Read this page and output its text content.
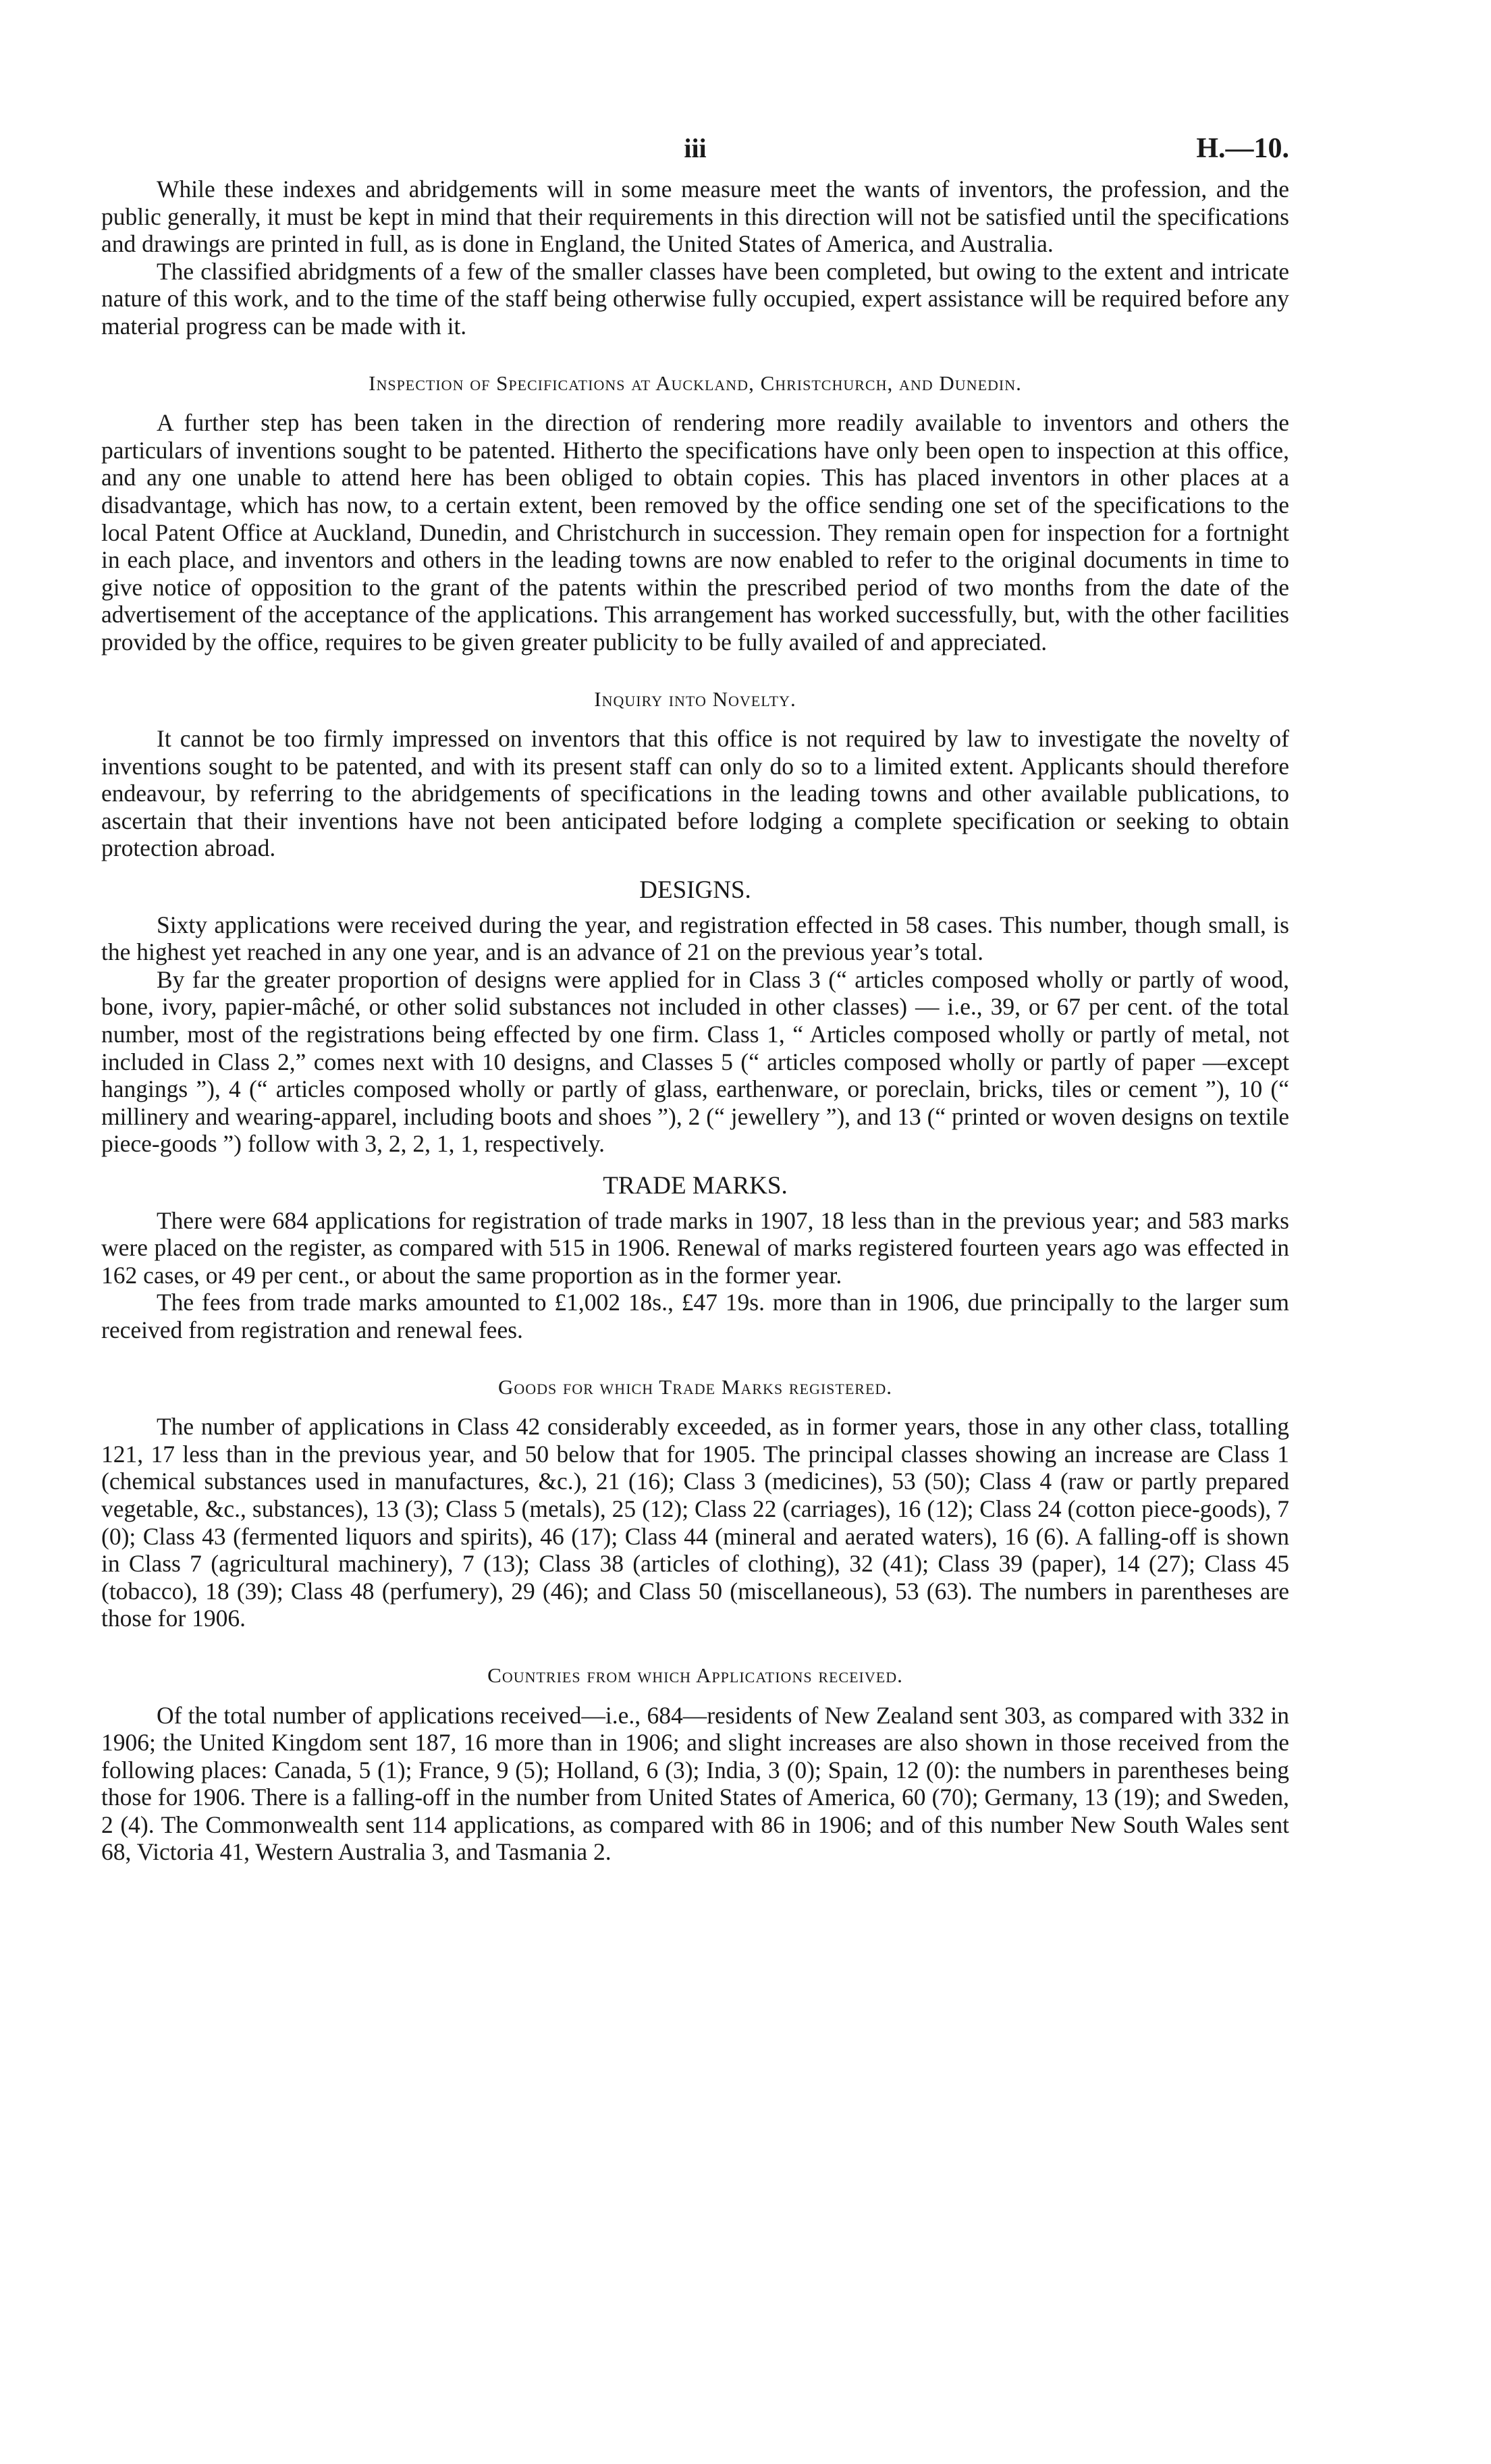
iii	H.—10.

While these indexes and abridgements will in some measure meet the wants of inventors, the profession, and the public generally, it must be kept in mind that their requirements in this direction will not be satisfied until the specifications and drawings are printed in full, as is done in England, the United States of America, and Australia.

The classified abridgments of a few of the smaller classes have been completed, but owing to the extent and intricate nature of this work, and to the time of the staff being otherwise fully occupied, expert assistance will be required before any material progress can be made with it.

Inspection of Specifications at Auckland, Christchurch, and Dunedin.

A further step has been taken in the direction of rendering more readily available to inventors and others the particulars of inventions sought to be patented. Hitherto the specifications have only been open to inspection at this office, and any one unable to attend here has been obliged to obtain copies. This has placed inventors in other places at a disadvantage, which has now, to a certain extent, been removed by the office sending one set of the specifications to the local Patent Office at Auckland, Dunedin, and Christchurch in succession. They remain open for inspection for a fortnight in each place, and inventors and others in the leading towns are now enabled to refer to the original documents in time to give notice of opposition to the grant of the patents within the prescribed period of two months from the date of the advertisement of the acceptance of the applications. This arrangement has worked successfully, but, with the other facilities provided by the office, requires to be given greater publicity to be fully availed of and appreciated.

Inquiry into Novelty.

It cannot be too firmly impressed on inventors that this office is not required by law to investigate the novelty of inventions sought to be patented, and with its present staff can only do so to a limited extent. Applicants should therefore endeavour, by referring to the abridgements of specifications in the leading towns and other available publications, to ascertain that their inventions have not been anticipated before lodging a complete specification or seeking to obtain protection abroad.

DESIGNS.

Sixty applications were received during the year, and registration effected in 58 cases. This number, though small, is the highest yet reached in any one year, and is an advance of 21 on the previous year’s total.

By far the greater proportion of designs were applied for in Class 3 (“ articles composed wholly or partly of wood, bone, ivory, papier-mâché, or other solid substances not included in other classes) — i.e., 39, or 67 per cent. of the total number, most of the registrations being effected by one firm. Class 1, “ Articles composed wholly or partly of metal, not included in Class 2,” comes next with 10 designs, and Classes 5 (“ articles composed wholly or partly of paper —except hangings ”), 4 (“ articles composed wholly or partly of glass, earthenware, or poreclain, bricks, tiles or cement ”), 10 (“ millinery and wearing-apparel, including boots and shoes ”), 2 (“ jewellery ”), and 13 (“ printed or woven designs on textile piece-goods ”) follow with 3, 2, 2, 1, 1, respectively.

TRADE MARKS.

There were 684 applications for registration of trade marks in 1907, 18 less than in the previous year; and 583 marks were placed on the register, as compared with 515 in 1906. Renewal of marks registered fourteen years ago was effected in 162 cases, or 49 per cent., or about the same proportion as in the former year.

The fees from trade marks amounted to £1,002 18s., £47 19s. more than in 1906, due principally to the larger sum received from registration and renewal fees.

Goods for which Trade Marks registered.

The number of applications in Class 42 considerably exceeded, as in former years, those in any other class, totalling 121, 17 less than in the previous year, and 50 below that for 1905. The principal classes showing an increase are Class 1 (chemical substances used in manufactures, &c.), 21 (16); Class 3 (medicines), 53 (50); Class 4 (raw or partly prepared vegetable, &c., substances), 13 (3); Class 5 (metals), 25 (12); Class 22 (carriages), 16 (12); Class 24 (cotton piece-goods), 7 (0); Class 43 (fermented liquors and spirits), 46 (17); Class 44 (mineral and aerated waters), 16 (6). A falling-off is shown in Class 7 (agricultural machinery), 7 (13); Class 38 (articles of clothing), 32 (41); Class 39 (paper), 14 (27); Class 45 (tobacco), 18 (39); Class 48 (perfumery), 29 (46); and Class 50 (miscellaneous), 53 (63). The numbers in parentheses are those for 1906.

Countries from which Applications received.

Of the total number of applications received—i.e., 684—residents of New Zealand sent 303, as compared with 332 in 1906; the United Kingdom sent 187, 16 more than in 1906; and slight increases are also shown in those received from the following places: Canada, 5 (1); France, 9 (5); Holland, 6 (3); India, 3 (0); Spain, 12 (0): the numbers in parentheses being those for 1906. There is a falling-off in the number from United States of America, 60 (70); Germany, 13 (19); and Sweden, 2 (4). The Commonwealth sent 114 applications, as compared with 86 in 1906; and of this number New South Wales sent 68, Victoria 41, Western Australia 3, and Tasmania 2.
